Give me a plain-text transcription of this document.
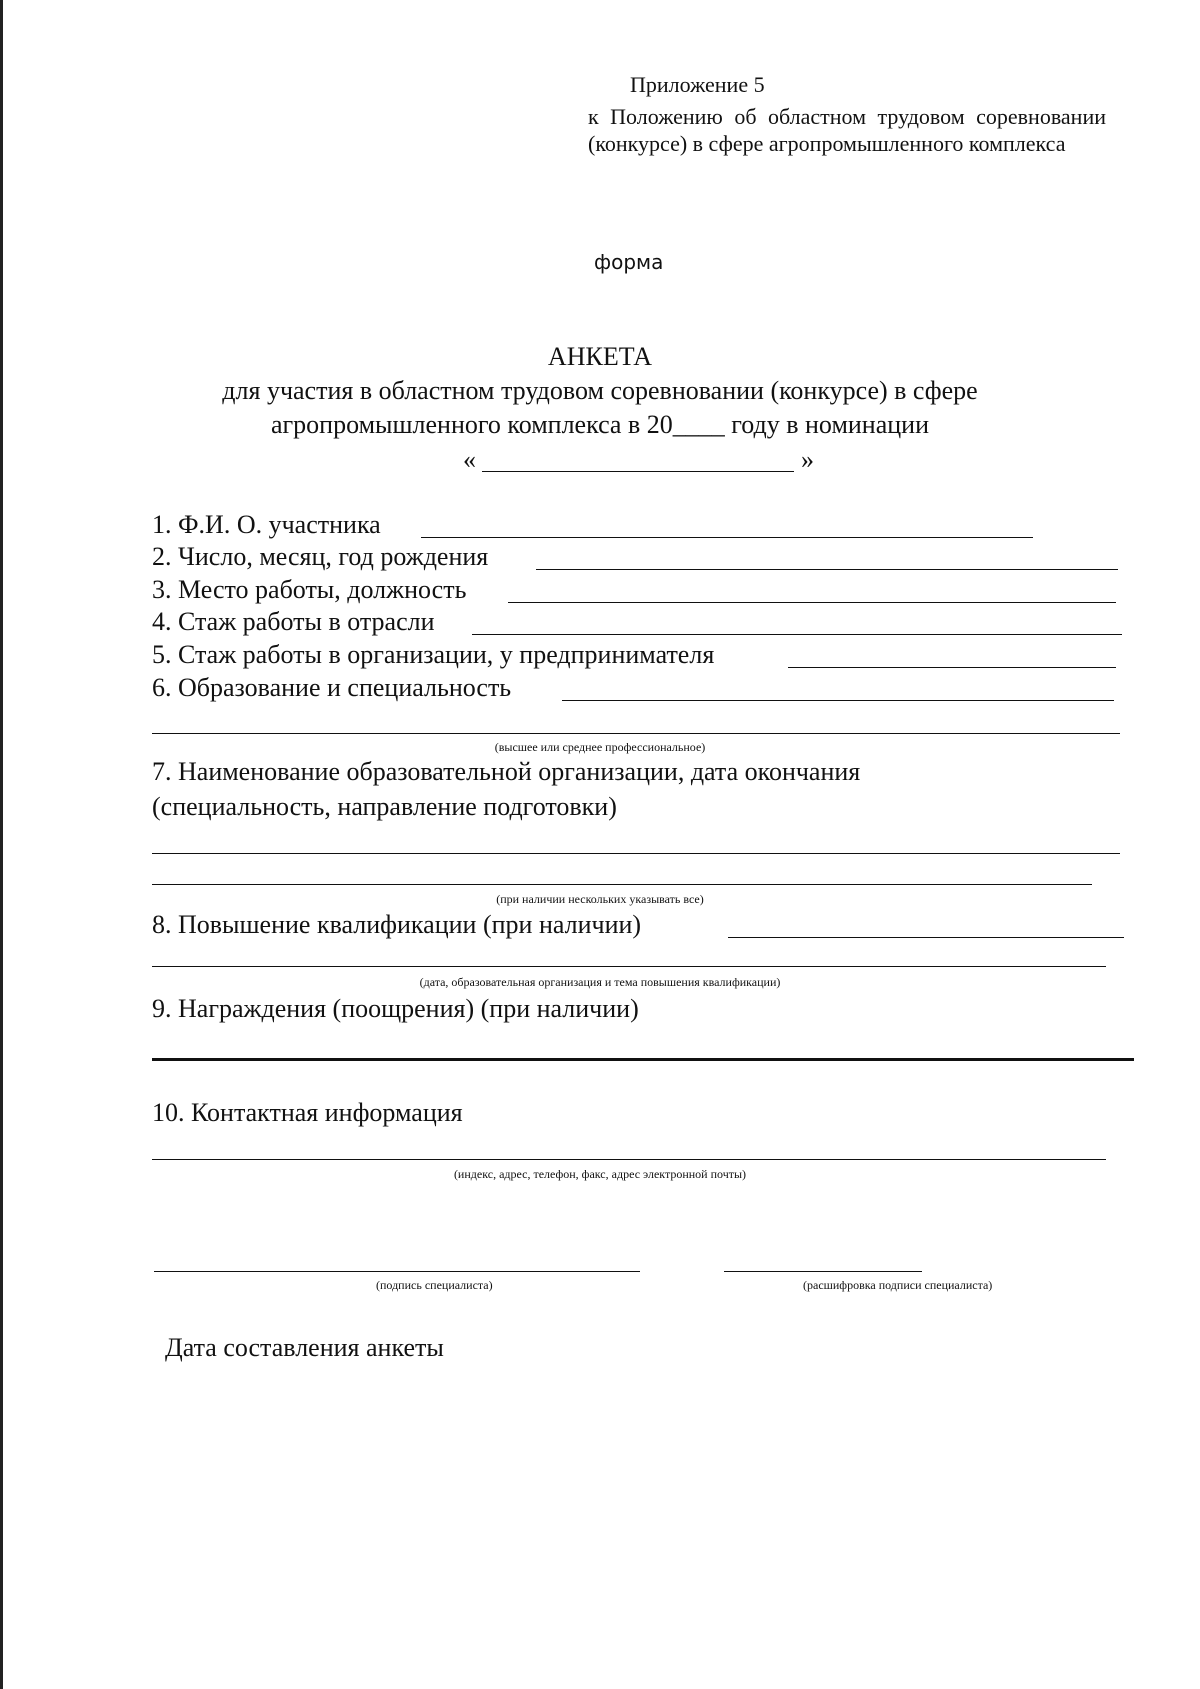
Приложение 5
к Положению об областном трудовом соревновании (конкурсе) в сфере агропромышленного комплекса
форма
АНКЕТА
для участия в областном трудовом соревновании (конкурсе) в сфере
агропромышленного комплекса в 20____ году в номинации
«	»
1. Ф.И. О. участника
2. Число, месяц, год рождения
3. Место работы, должность
4. Стаж работы в отрасли
5. Стаж работы в организации, у предпринимателя
6. Образование и специальность
(высшее или среднее профессиональное)
7. Наименование образовательной организации, дата окончания
(специальность, направление подготовки)
(при наличии нескольких указывать все)
8. Повышение квалификации (при наличии)
(дата, образовательная организация и тема повышения квалификации)
9. Награждения (поощрения) (при наличии)
10. Контактная информация
(индекс, адрес, телефон, факс, адрес электронной почты)
(подпись специалиста)	(расшифровка подписи специалиста)
Дата составления анкеты
